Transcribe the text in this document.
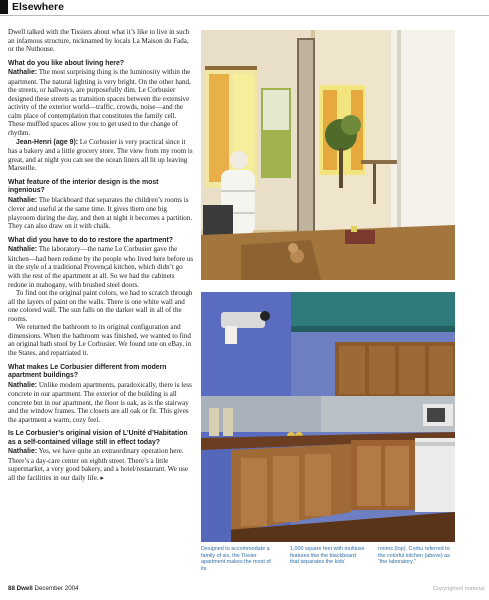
Elsewhere

Dwell talked with the Tissiers about what it’s like to live in such an infamous structure, nicknamed by locals La Maison du Fada, or the Nuthouse.

What do you like about living here?

Nathalie: The most surprising thing is the luminosity within the apartment. The natural lighting is very bright. On the other hand, the streets, or hallways, are purposefully dim. Le Corbusier designed these streets as transition spaces between the extensive activity of the exterior world—traffic, crowds, noise—and the calm place of contemplation that constitutes the family cell. These muffled spaces allow you to get used to the change of rhythm.

Jean-Henri (age 9): Le Corbusier is very practical since it has a bakery and a little grocery store. The view from my room is great, and at night you can see the ocean liners all lit up leaving Marseille.

What feature of the interior design is the most ingenious?

Nathalie: The blackboard that separates the children’s rooms is clever and useful at the same time. It gives them one big playroom during the day, and then at night it becomes a partition. They can also draw on it with chalk.

What did you have to do to restore the apartment?

Nathalie: The laboratory—the name Le Corbusier gave the kitchen—had been redone by the people who lived here before us in the style of a traditional Provençal kitchen, which didn’t go with the rest of the apartment at all. So we had the cabinets redone in mahogany, with brushed steel doors.

To find out the original paint colors, we had to scratch through all the layers of paint on the walls. There is one white wall and one colored wall. The sun falls on the darker wall in all of the rooms.

We returned the bathroom to its original configuration and dimensions. When the bathroom was finished, we wanted to find an original bath stool by Le Corbusier. We found one on eBay, in the States, and repatriated it.

What makes Le Corbusier different from modern apartment buildings?

Nathalie: Unlike modern apartments, paradoxically, there is less concrete in our apartment. The exterior of the building is all concrete but in our apartment, the floor is oak, as is the stairway and the window frames. The closets are all oak or fir. This gives the apartment a warm, cozy feel.

Is Le Corbusier’s original vision of L’Unité d’Habitation as a self-contained village still in effect today?

Nathalie: Yes, we have quite an extraordinary operation here. There’s a day-care center on eighth street. There’s a little supermarket, a very good bakery, and a hotel/restaurant. We use all the facilities in our daily life. ▸

Designed to accommodate a family of six, the Tissier apartment makes the most of its
1,000 square feet with multiuse features like the blackboard that separates the kids’
rooms (top). Corbu referred to the colorful kitchen (above) as “the laboratory.”
88 Dwell December 2004	Copyrighted material
